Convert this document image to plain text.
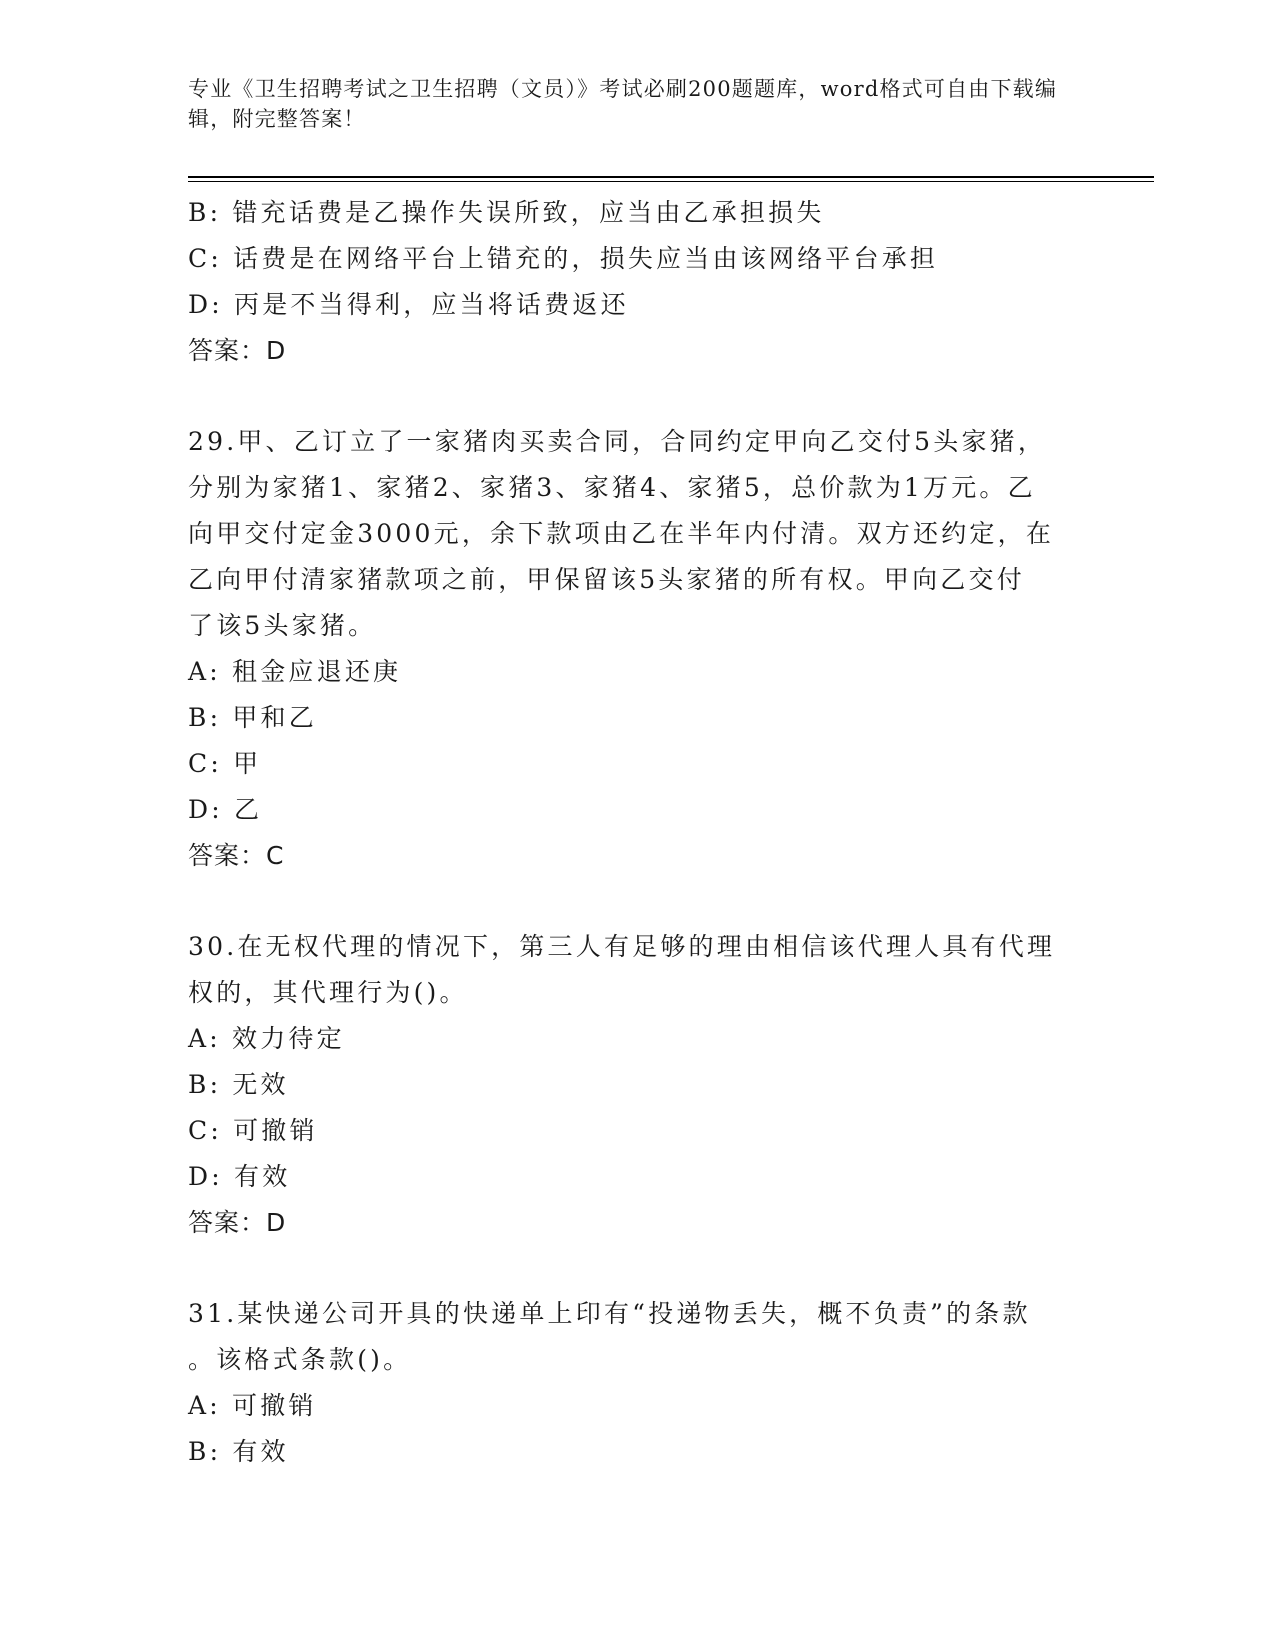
专业《卫生招聘考试之卫生招聘（文员）》考试必刷200题题库，word格式可自由下载编辑，附完整答案！
B: 错充话费是乙操作失误所致，应当由乙承担损失
C: 话费是在网络平台上错充的，损失应当由该网络平台承担
D: 丙是不当得利，应当将话费返还
答案：D
29.甲、乙订立了一家猪肉买卖合同，合同约定甲向乙交付5头家猪，
分别为家猪1、家猪2、家猪3、家猪4、家猪5，总价款为1万元。乙
向甲交付定金3000元，余下款项由乙在半年内付清。双方还约定，在
乙向甲付清家猪款项之前，甲保留该5头家猪的所有权。甲向乙交付
了该5头家猪。
A: 租金应退还庚
B: 甲和乙
C: 甲
D: 乙
答案：C
30.在无权代理的情况下，第三人有足够的理由相信该代理人具有代理
权的，其代理行为()。
A: 效力待定
B: 无效
C: 可撤销
D: 有效
答案：D
31.某快递公司开具的快递单上印有“投递物丢失，概不负责”的条款
。该格式条款()。
A: 可撤销
B: 有效
